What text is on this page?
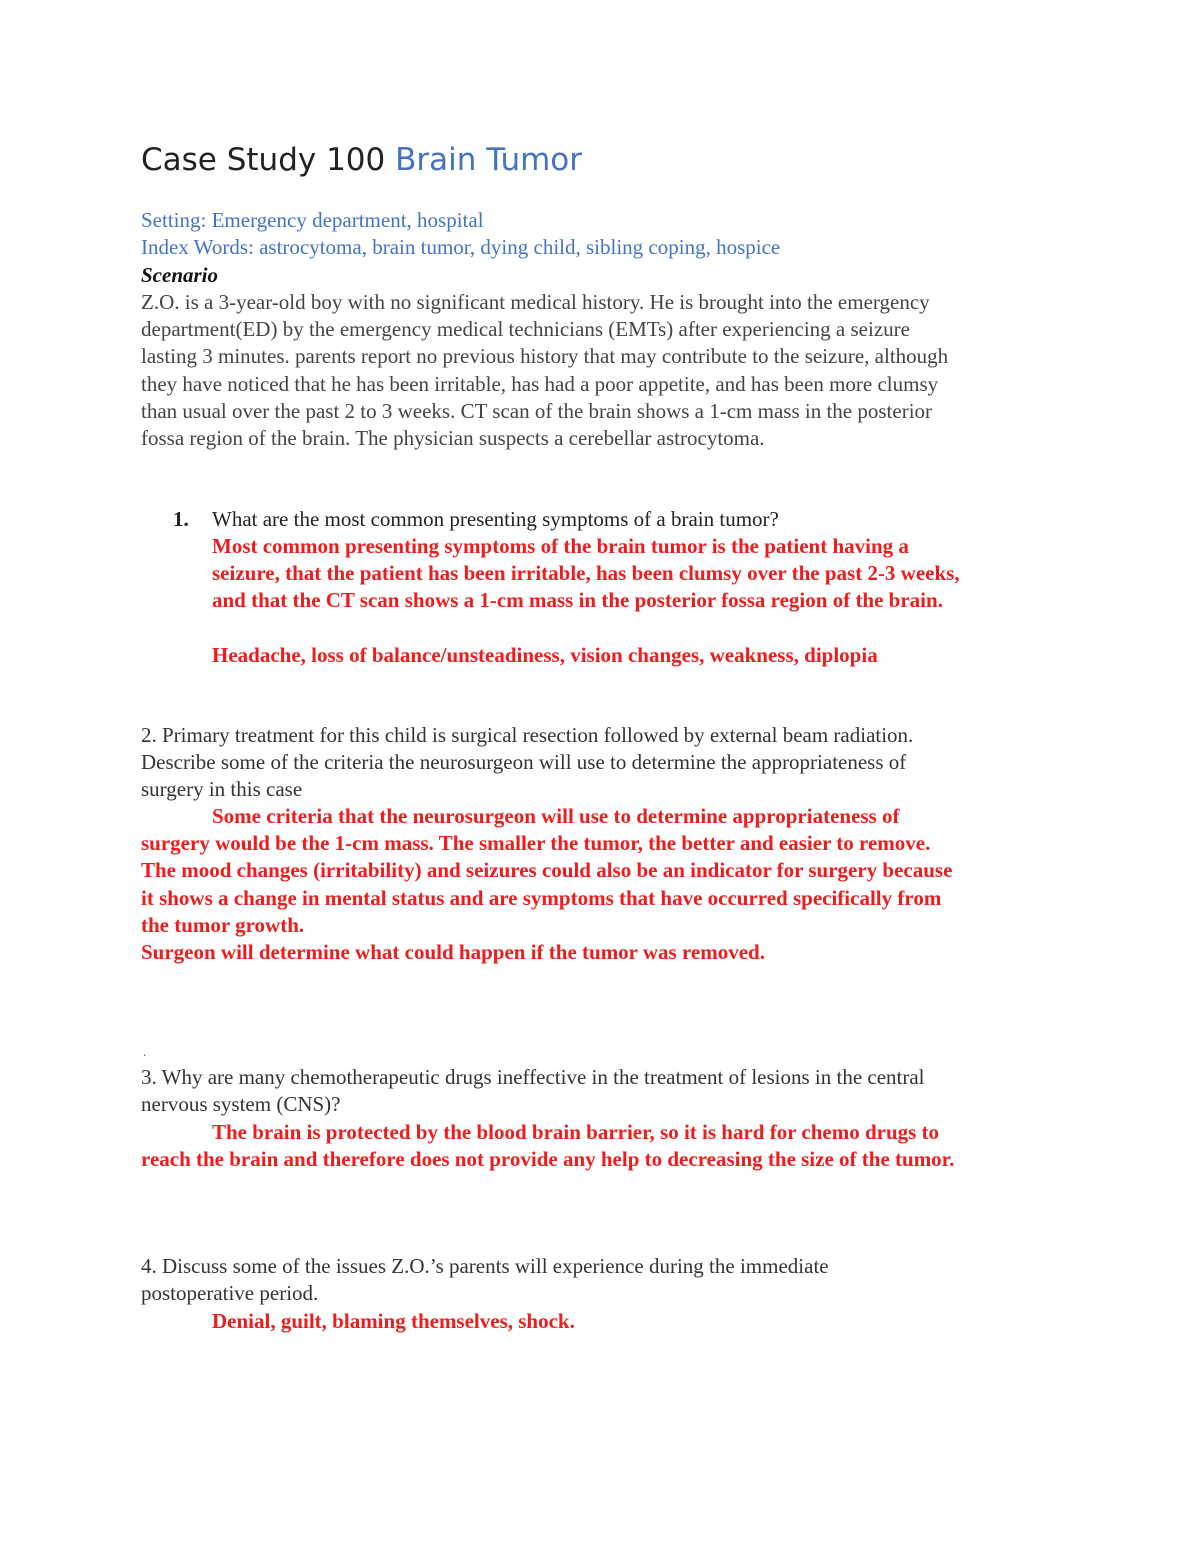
Case Study 100 Brain Tumor
Setting: Emergency department, hospital
Index Words: astrocytoma, brain tumor, dying child, sibling coping, hospice
Scenario
Z.O. is a 3-year-old boy with no significant medical history. He is brought into the emergency
department(ED) by the emergency medical technicians (EMTs) after experiencing a seizure
lasting 3 minutes. parents report no previous history that may contribute to the seizure, although
they have noticed that he has been irritable, has had a poor appetite, and has been more clumsy
than usual over the past 2 to 3 weeks. CT scan of the brain shows a 1-cm mass in the posterior
fossa region of the brain. The physician suspects a cerebellar astrocytoma.
1. What are the most common presenting symptoms of a brain tumor?
Most common presenting symptoms of the brain tumor is the patient having a
seizure, that the patient has been irritable, has been clumsy over the past 2-3 weeks,
and that the CT scan shows a 1-cm mass in the posterior fossa region of the brain.
Headache, loss of balance/unsteadiness, vision changes, weakness, diplopia
2. Primary treatment for this child is surgical resection followed by external beam radiation.
Describe some of the criteria the neurosurgeon will use to determine the appropriateness of
surgery in this case
Some criteria that the neurosurgeon will use to determine appropriateness of
surgery would be the 1-cm mass. The smaller the tumor, the better and easier to remove.
The mood changes (irritability) and seizures could also be an indicator for surgery because
it shows a change in mental status and are symptoms that have occurred specifically from
the tumor growth.
Surgeon will determine what could happen if the tumor was removed.
.
3. Why are many chemotherapeutic drugs ineffective in the treatment of lesions in the central
nervous system (CNS)?
The brain is protected by the blood brain barrier, so it is hard for chemo drugs to
reach the brain and therefore does not provide any help to decreasing the size of the tumor.
4. Discuss some of the issues Z.O.’s parents will experience during the immediate
postoperative period.
Denial, guilt, blaming themselves, shock.
